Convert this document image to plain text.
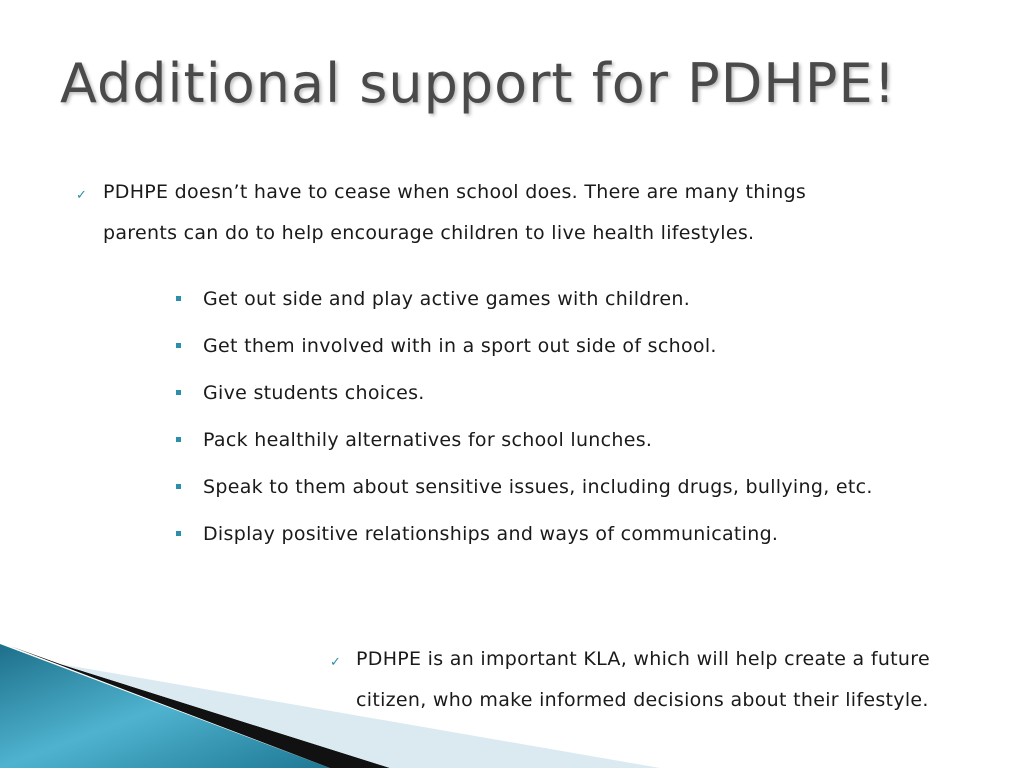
Additional support for PDHPE!
✓ PDHPE doesn’t have to cease when school does. There are many things
parents can do to help encourage children to live health lifestyles.
Get out side and play active games with children.
Get them involved with in a sport out side of school.
Give students choices.
Pack healthily alternatives for school lunches.
Speak to them about sensitive issues, including drugs, bullying, etc.
Display positive relationships and ways of communicating.
✓ PDHPE is an important KLA, which will help create a future
citizen, who make informed decisions about their lifestyle.
